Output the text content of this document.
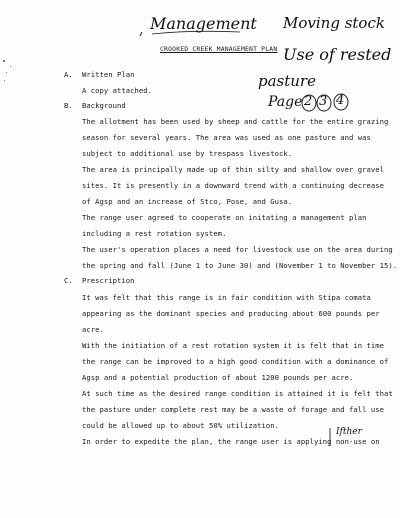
Management Moving stock
Use of rested
pasture
Page 2 3 4
Ifther
CROOKED CREEK MANAGEMENT PLAN
A. Written Plan
A copy attached.
B. Background
The allotment has been used by sheep and cattle for the entire grazing
season for several years. The area was used as one pasture and was
subject to additional use by trespass livestock.
The area is principally made up of thin silty and shallow over gravel
sites. It is presently in a downward trend with a continuing decrease
of Agsp and an increase of Stco, Pose, and Gusa.
The range user agreed to cooperate on initating a management plan
including a rest rotation system.
The user's operation places a need for livestock use on the area during
the spring and fall (June 1 to June 30) and (November 1 to November 15).
C. Prescription
It was felt that this range is in fair condition with Stipa comata
appearing as the dominant species and producing about 600 pounds per
acre.
With the initiation of a rest rotation system it is felt that in time
the range can be improved to a high good condition with a dominance of
Agsp and a potential production of about 1200 pounds per acre.
At such time as the desired range condition is attained it is felt that
the pasture under complete rest may be a waste of forage and fall use
could be allowed up to about 50% utilization.
In order to expedite the plan, the range user is applying non-use on
